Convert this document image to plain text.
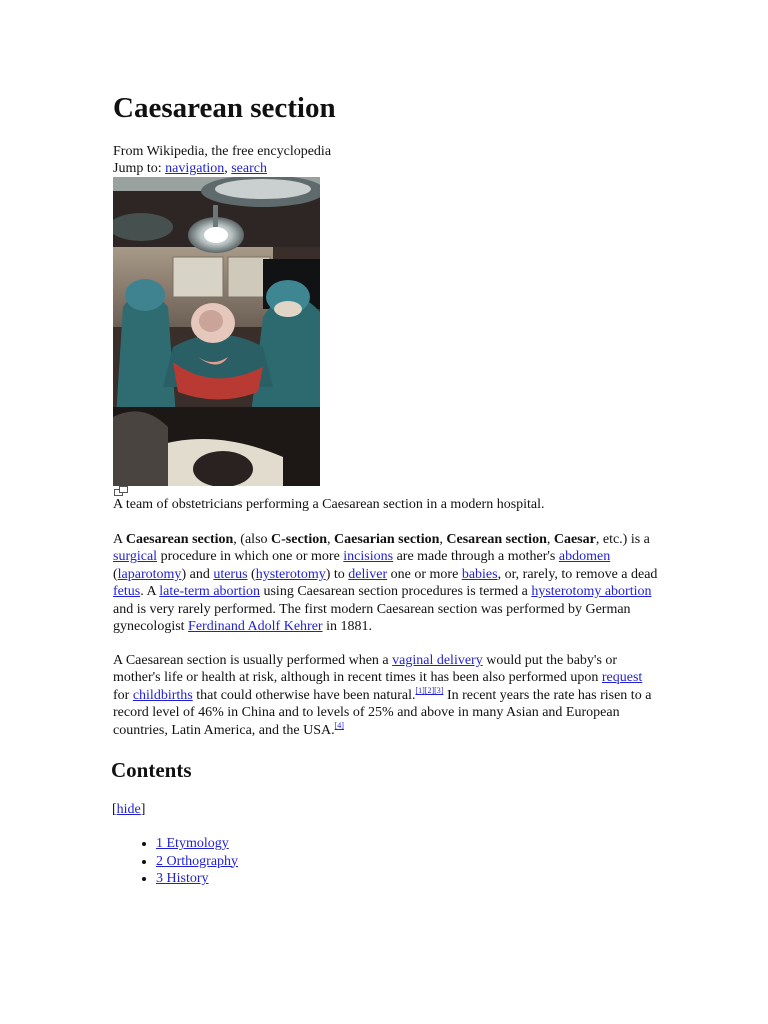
Caesarean section
From Wikipedia, the free encyclopedia
Jump to: navigation, search
A team of obstetricians performing a Caesarean section in a modern hospital.

A Caesarean section, (also C-section, Caesarian section, Cesarean section, Caesar, etc.) is a surgical procedure in which one or more incisions are made through a mother's abdomen (laparotomy) and uterus (hysterotomy) to deliver one or more babies, or, rarely, to remove a dead fetus. A late-term abortion using Caesarean section procedures is termed a hysterotomy abortion and is very rarely performed. The first modern Caesarean section was performed by German gynecologist Ferdinand Adolf Kehrer in 1881.

A Caesarean section is usually performed when a vaginal delivery would put the baby's or mother's life or health at risk, although in recent times it has been also performed upon request for childbirths that could otherwise have been natural.[1][2][3] In recent years the rate has risen to a record level of 46% in China and to levels of 25% and above in many Asian and European countries, Latin America, and the USA.[4]

Contents
[hide]
• 1 Etymology
• 2 Orthography
• 3 History
